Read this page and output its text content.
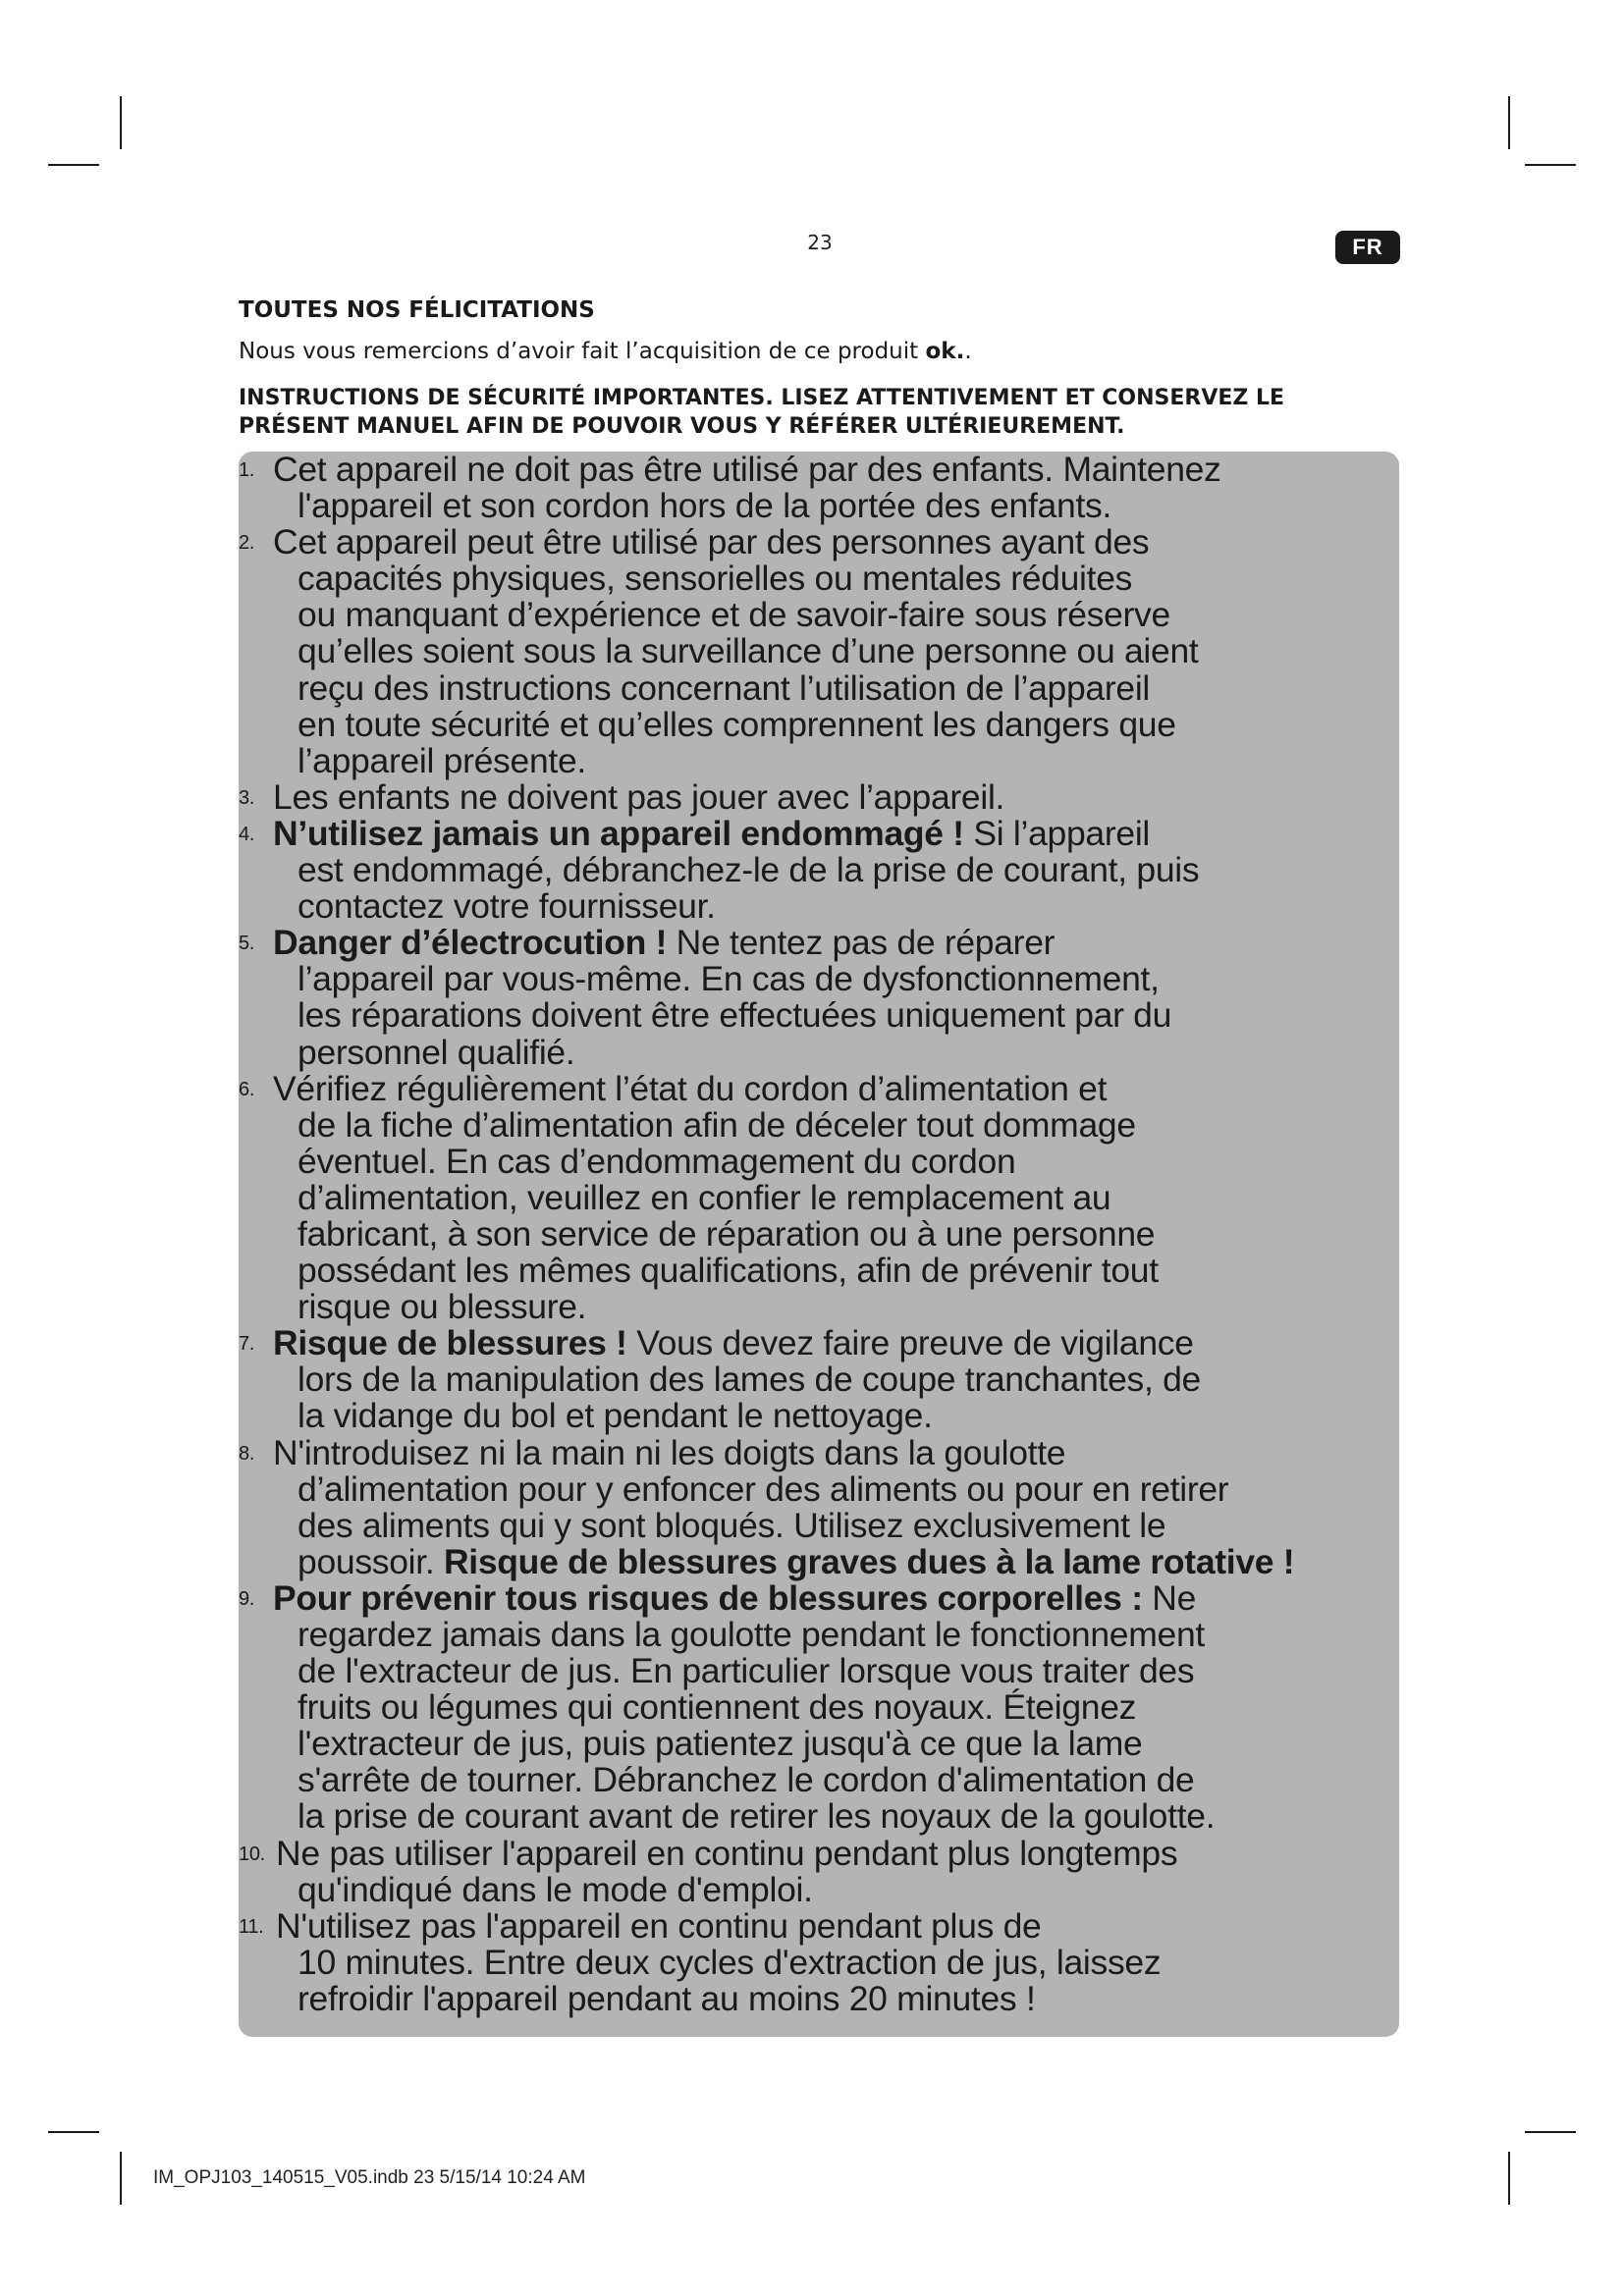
23	FR
TOUTES NOS FÉLICITATIONS
Nous vous remercions d’avoir fait l’acquisition de ce produit ok..
INSTRUCTIONS DE SÉCURITÉ IMPORTANTES. LISEZ ATTENTIVEMENT ET CONSERVEZ LE
PRÉSENT MANUEL AFIN DE POUVOIR VOUS Y RÉFÉRER ULTÉRIEUREMENT.
1. Cet appareil ne doit pas être utilisé par des enfants. Maintenez
l'appareil et son cordon hors de la portée des enfants.
2. Cet appareil peut être utilisé par des personnes ayant des
capacités physiques, sensorielles ou mentales réduites
ou manquant d’expérience et de savoir-faire sous réserve
qu’elles soient sous la surveillance d’une personne ou aient
reçu des instructions concernant l’utilisation de l’appareil
en toute sécurité et qu’elles comprennent les dangers que
l’appareil présente.
3. Les enfants ne doivent pas jouer avec l’appareil.
4. N’utilisez jamais un appareil endommagé ! Si l’appareil
est endommagé, débranchez-le de la prise de courant, puis
contactez votre fournisseur.
5. Danger d’électrocution ! Ne tentez pas de réparer
l’appareil par vous-même. En cas de dysfonctionnement,
les réparations doivent être effectuées uniquement par du
personnel qualifié.
6. Vérifiez régulièrement l’état du cordon d’alimentation et
de la fiche d’alimentation afin de déceler tout dommage
éventuel. En cas d’endommagement du cordon
d’alimentation, veuillez en confier le remplacement au
fabricant, à son service de réparation ou à une personne
possédant les mêmes qualifications, afin de prévenir tout
risque ou blessure.
7. Risque de blessures ! Vous devez faire preuve de vigilance
lors de la manipulation des lames de coupe tranchantes, de
la vidange du bol et pendant le nettoyage.
8. N'introduisez ni la main ni les doigts dans la goulotte
d’alimentation pour y enfoncer des aliments ou pour en retirer
des aliments qui y sont bloqués. Utilisez exclusivement le
poussoir. Risque de blessures graves dues à la lame rotative !
9. Pour prévenir tous risques de blessures corporelles : Ne
regardez jamais dans la goulotte pendant le fonctionnement
de l'extracteur de jus. En particulier lorsque vous traiter des
fruits ou légumes qui contiennent des noyaux. Éteignez
l'extracteur de jus, puis patientez jusqu'à ce que la lame
s'arrête de tourner. Débranchez le cordon d'alimentation de
la prise de courant avant de retirer les noyaux de la goulotte.
10. Ne pas utiliser l'appareil en continu pendant plus longtemps
qu'indiqué dans le mode d'emploi.
11. N'utilisez pas l'appareil en continu pendant plus de
10 minutes. Entre deux cycles d'extraction de jus, laissez
refroidir l'appareil pendant au moins 20 minutes !
IM_OPJ103_140515_V05.indb 23 5/15/14 10:24 AM
